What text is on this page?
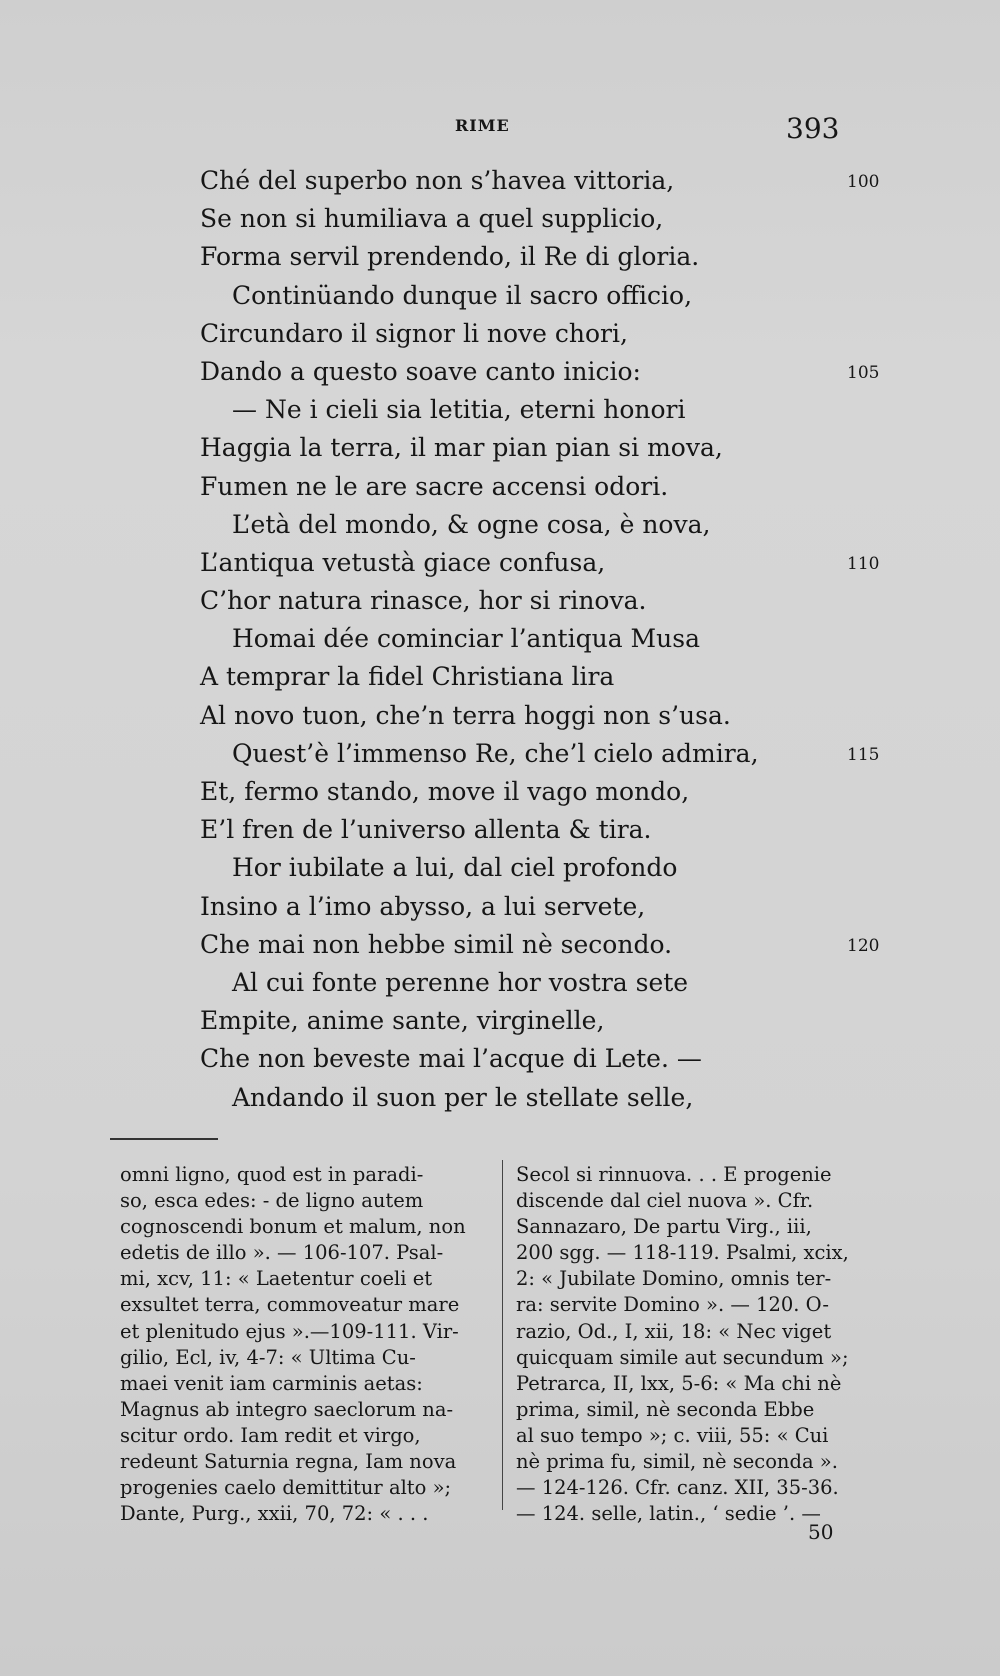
RIME	393
Ché del superbo non s’havea vittoria,	100
Se non si humiliava a quel supplicio,
Forma servil prendendo, il Re di gloria.
Continüando dunque il sacro officio,
Circundaro il signor li nove chori,
Dando a questo soave canto inicio:	105
— Ne i cieli sia letitia, eterni honori
Haggia la terra, il mar pian pian si mova,
Fumen ne le are sacre accensi odori.
L’età del mondo, & ogne cosa, è nova,
L’antiqua vetustà giace confusa,	110
C’hor natura rinasce, hor si rinova.
Homai dée cominciar l’antiqua Musa
A temprar la fidel Christiana lira
Al novo tuon, che’n terra hoggi non s’usa.
Quest’è l’immenso Re, che’l cielo admira,	115
Et, fermo stando, move il vago mondo,
E’l fren de l’universo allenta & tira.
Hor iubilate a lui, dal ciel profondo
Insino a l’imo abysso, a lui servete,
Che mai non hebbe simil nè secondo.	120
Al cui fonte perenne hor vostra sete
Empite, anime sante, virginelle,
Che non beveste mai l’acque di Lete. —
Andando il suon per le stellate selle,
omni ligno, quod est in paradi-
so, esca edes: - de ligno autem
cognoscendi bonum et malum, non
edetis de illo ». — 106-107. Psal-
mi, xcv, 11: « Laetentur coeli et
exsultet terra, commoveatur mare
et plenitudo ejus ».—109-111. Vir-
gilio, Ecl, iv, 4-7: « Ultima Cu-
maei venit iam carminis aetas:
Magnus ab integro saeclorum na-
scitur ordo. Iam redit et virgo,
redeunt Saturnia regna, Iam nova
progenies caelo demittitur alto »;
Dante, Purg., xxii, 70, 72: « . . .
Secol si rinnuova. . . E progenie
discende dal ciel nuova ». Cfr.
Sannazaro, De partu Virg., iii,
200 sgg. — 118-119. Psalmi, xcix,
2: « Jubilate Domino, omnis ter-
ra: servite Domino ». — 120. O-
razio, Od., I, xii, 18: « Nec viget
quicquam simile aut secundum »;
Petrarca, II, lxx, 5-6: « Ma chi nè
prima, simil, nè seconda Ebbe
al suo tempo »; c. viii, 55: « Cui
nè prima fu, simil, nè seconda ».
— 124-126. Cfr. canz. XII, 35-36.
— 124. selle, latin., ‘ sedie ’. —
50
